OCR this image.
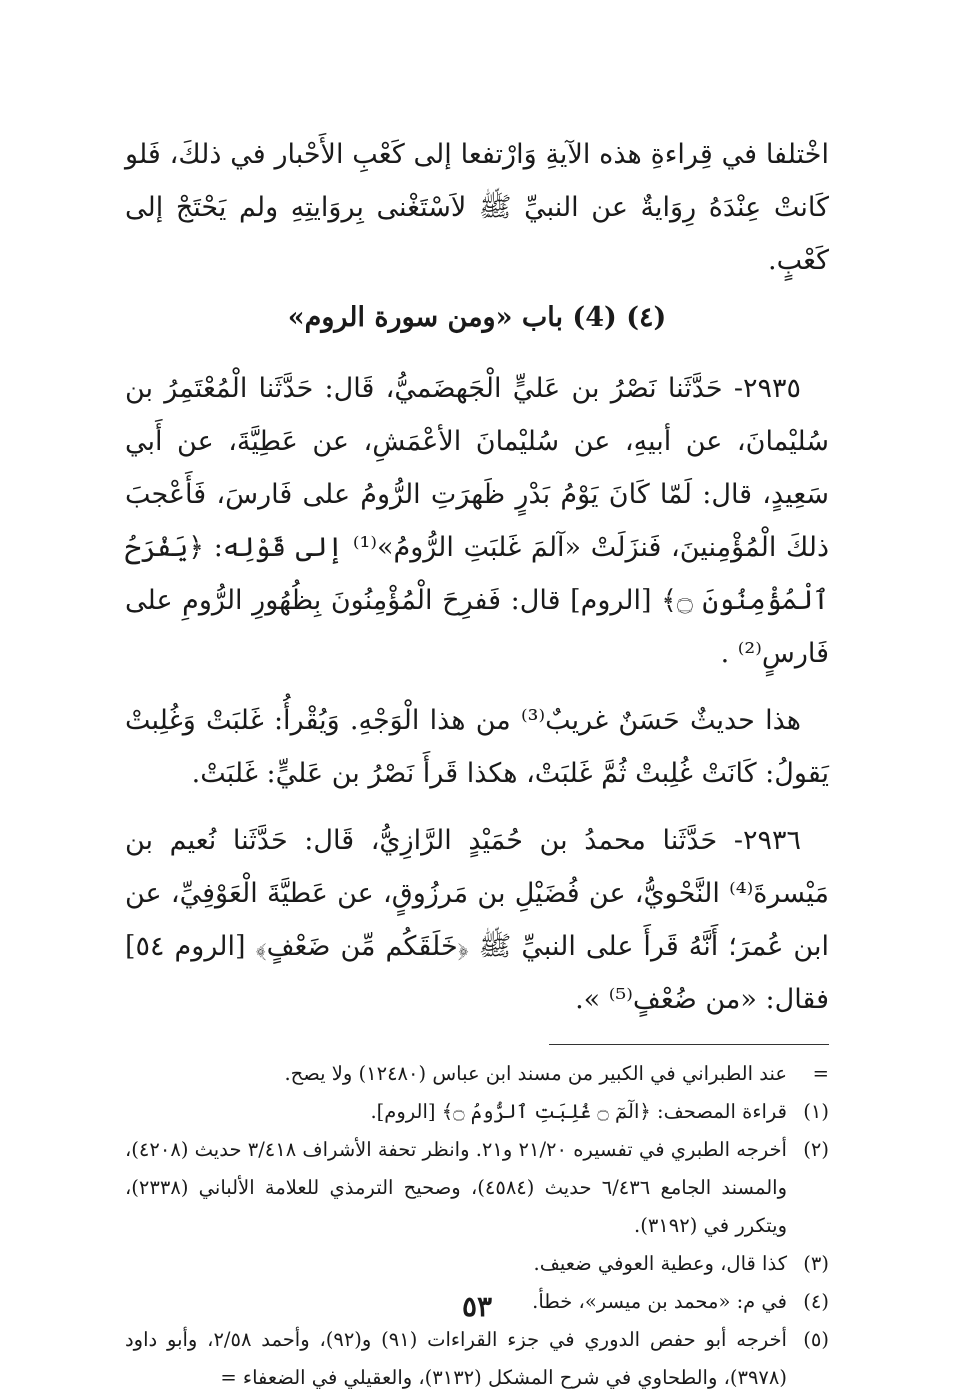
اخْتلفا في قِراءةِ هذه الآيةِ وَارْتفعا إلى كَعْبِ الأَحْبار في ذلكَ، فَلو كَانتْ عِنْدَهُ رِوَايةٌ عن النبيِّ ﷺ لاَسْتَغْنى بِروَايتِهِ ولم يَحْتَجْ إلى كَعْبٍ.

(٤) (4) باب «ومن سورة الروم»

٢٩٣٥- حَدَّثَنا نَصْرُ بن عَليٍّ الْجَهضَميُّ، قَال: حَدَّثَنا الْمُعْتَمِرُ بن سُليْمانَ، عن أبيهِ، عن سُليْمانَ الأعْمَشِ، عن عَطِيَّةَ، عن أَبي سَعِيدٍ، قال: لَمّا كَانَ يَوْمُ بَدْرٍ ظَهرَتِ الرُّومُ على فَارسَ، فَأَعْجبَ ذلكَ الْمُؤْمِنينَ، فَنزَلَتْ «آلمَ غَلبَتِ الرُّومُ»⁽¹⁾ إلى قَوْلِه: ﴿يَفْرَحُ ٱلْمُؤْمِنُونَ ۝﴾ [الروم] قال: فَفرِحَ الْمُؤْمِنُونَ بِظُهُورِ الرُّومِ على فَارسٍ⁽²⁾ .

هذا حديثٌ حَسَنٌ غريبٌ⁽³⁾ من هذا الْوَجْهِ. وَيُقْرأُ: غَلبَتْ وَغُلِبتْ يَقولُ: كَانَتْ غُلِبتْ ثُمَّ غَلبَتْ، هكذا قَرأَ نَصْرُ بن عَليٍّ: غَلبَتْ.

٢٩٣٦- حَدَّثَنا محمدُ بن حُمَيْدٍ الرَّازِيُّ، قَال: حَدَّثَنا نُعيم بن مَيْسرةَ⁽⁴⁾ النَّحْويُّ، عن فُضَيْلِ بن مَرزُوقٍ، عن عَطيَّةَ الْعَوْفِيِّ، عن ابن عُمرَ؛ أَنَّهُ قَرأَ على النبيِّ ﷺ ﴿خَلَقَكُم مِّن ضَعْفٍ﴾ [الروم ٥٤] فقال: «من ضُعْفٍ⁽⁵⁾ ».

=
عند الطبراني في الكبير من مسند ابن عباس (١٢٤٨٠) ولا يصح.
(١)
قراءة المصحف: ﴿الٓمٓ ۝ غُلِبَتِ ٱلرُّومُ ۝﴾ [الروم].
(٢)
أخرجه الطبري في تفسيره ٢١/٢٠ و٢١. وانظر تحفة الأشراف ٣/٤١٨ حديث (٤٢٠٨)، والمسند الجامع ٦/٤٣٦ حديث (٤٥٨٤)، وصحيح الترمذي للعلامة الألباني (٢٣٣٨)، ويتكرر في (٣١٩٢).
(٣)
كذا قال، وعطية العوفي ضعيف.
(٤)
في م: «محمد بن ميسر»، خطأ.
(٥)
أخرجه أبو حفص الدوري في جزء القراءات (٩١) و(٩٢)، وأحمد ٢/٥٨، وأبو داود (٣٩٧٨)، والطحاوي في شرح المشكل (٣١٣٢)، والعقيلي في الضعفاء =
٥٣
